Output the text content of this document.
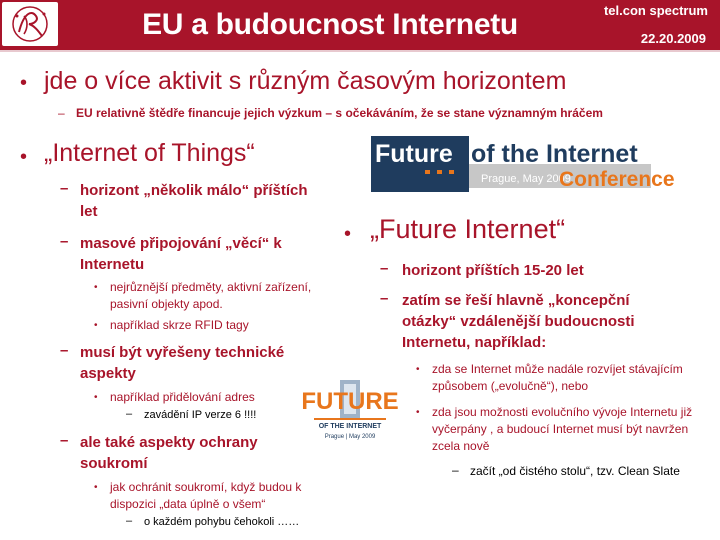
EU a budoucnost Internetu	tel.con spectrum
22.20.2009
• jde o více aktivit s různým časovým horizontem

– EU relativně štědře financuje jejich výzkum – s očekáváním, že se stane významným hráčem

• „Internet of Things“

– horizont „několik málo“ příštích let

– masové připojování „věcí“ k Internetu

• nejrůznější předměty, aktivní zařízení, pasivní objekty apod.

• například skrze RFID tagy

– musí být vyřešeny technické aspekty

• například přidělování adres

– zavádění IP verze 6 !!!!

– ale také aspekty ochrany soukromí

• jak ochránit soukromí, když budou k dispozici „data úplně o všem“

– o každém pohybu čehokoli ……

Future of the Internet
Prague, May 2009
Conference
• „Future Internet“

– horizont příštích 15-20 let

– zatím se řeší hlavně „koncepční otázky“ vzdálenější budoucnosti Internetu, například:

• zda se Internet může nadále rozvíjet stávajícím způsobem („evolučně“), nebo

• zda jsou možnosti evolučního vývoje Internetu již vyčerpány , a budoucí Internet musí být navržen zcela nově

– začít „od čistého stolu“, tzv. Clean Slate

FUTURE
OF THE INTERNET
Prague | May 2009
